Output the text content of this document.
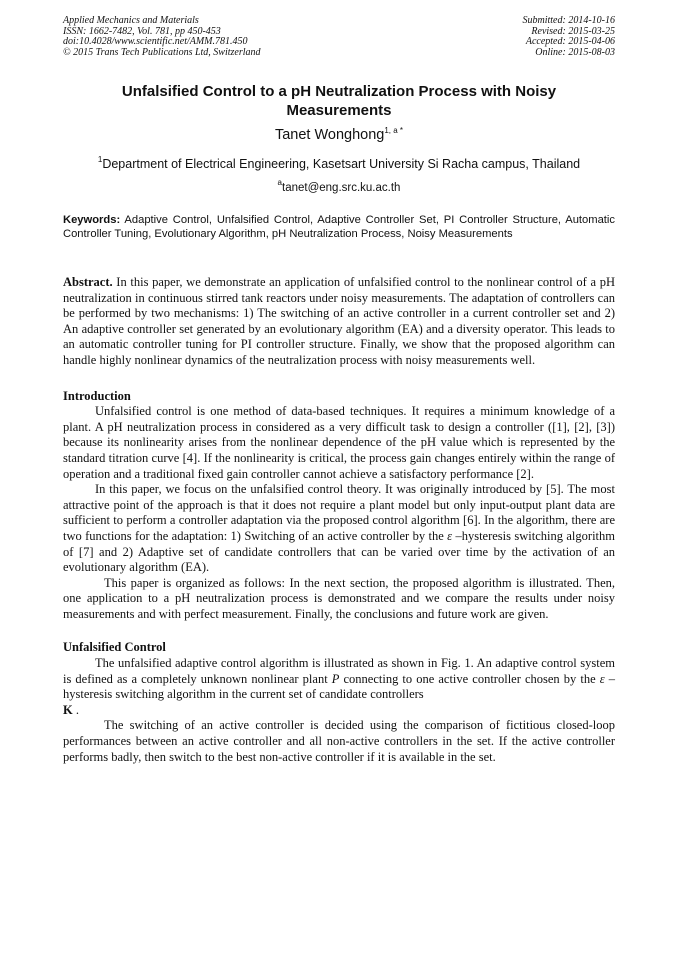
Applied Mechanics and Materials
ISSN: 1662-7482, Vol. 781, pp 450-453
doi:10.4028/www.scientific.net/AMM.781.450
© 2015 Trans Tech Publications Ltd, Switzerland
Submitted: 2014-10-16
Revised: 2015-03-25
Accepted: 2015-04-06
Online: 2015-08-03
Unfalsified Control to a pH Neutralization Process with Noisy Measurements
Tanet Wonghong$^{1, a *}$
$^1$Department of Electrical Engineering, Kasetsart University Si Racha campus, Thailand
$^a$tanet@eng.src.ku.ac.th
Keywords: Adaptive Control, Unfalsified Control, Adaptive Controller Set, PI Controller Structure, Automatic Controller Tuning, Evolutionary Algorithm, pH Neutralization Process, Noisy Measurements

Abstract. In this paper, we demonstrate an application of unfalsified control to the nonlinear control of a pH neutralization in continuous stirred tank reactors under noisy measurements. The adaptation of controllers can be performed by two mechanisms: 1) The switching of an active controller in a current controller set and 2) An adaptive controller set generated by an evolutionary algorithm (EA) and a diversity operator. This leads to an automatic controller tuning for PI controller structure. Finally, we show that the proposed algorithm can handle highly nonlinear dynamics of the neutralization process with noisy measurements well.

Introduction

Unfalsified control is one method of data-based techniques. It requires a minimum knowledge of a plant. A pH neutralization process in considered as a very difficult task to design a controller ([1], [2], [3]) because its nonlinearity arises from the nonlinear dependence of the pH value which is represented by the standard titration curve [4]. If the nonlinearity is critical, the process gain changes entirely within the range of operation and a traditional fixed gain controller cannot achieve a satisfactory performance [2].

In this paper, we focus on the unfalsified control theory. It was originally introduced by [5]. The most attractive point of the approach is that it does not require a plant model but only input-output plant data are sufficient to perform a controller adaptation via the proposed control algorithm [6]. In the algorithm, there are two functions for the adaptation: 1) Switching of an active controller by the ε –hysteresis switching algorithm of [7] and 2) Adaptive set of candidate controllers that can be varied over time by the activation of an evolutionary algorithm (EA).

This paper is organized as follows: In the next section, the proposed algorithm is illustrated. Then, one application to a pH neutralization process is demonstrated and we compare the results under noisy measurements and with perfect measurement. Finally, the conclusions and future work are given.

Unfalsified Control

The unfalsified adaptive control algorithm is illustrated as shown in Fig. 1. An adaptive control system is defined as a completely unknown nonlinear plant P connecting to one active controller chosen by the ε –hysteresis switching algorithm in the current set of candidate controllers
K .

The switching of an active controller is decided using the comparison of fictitious closed-loop performances between an active controller and all non-active controllers in the set. If the active controller performs badly, then switch to the best non-active controller if it is available in the set.
